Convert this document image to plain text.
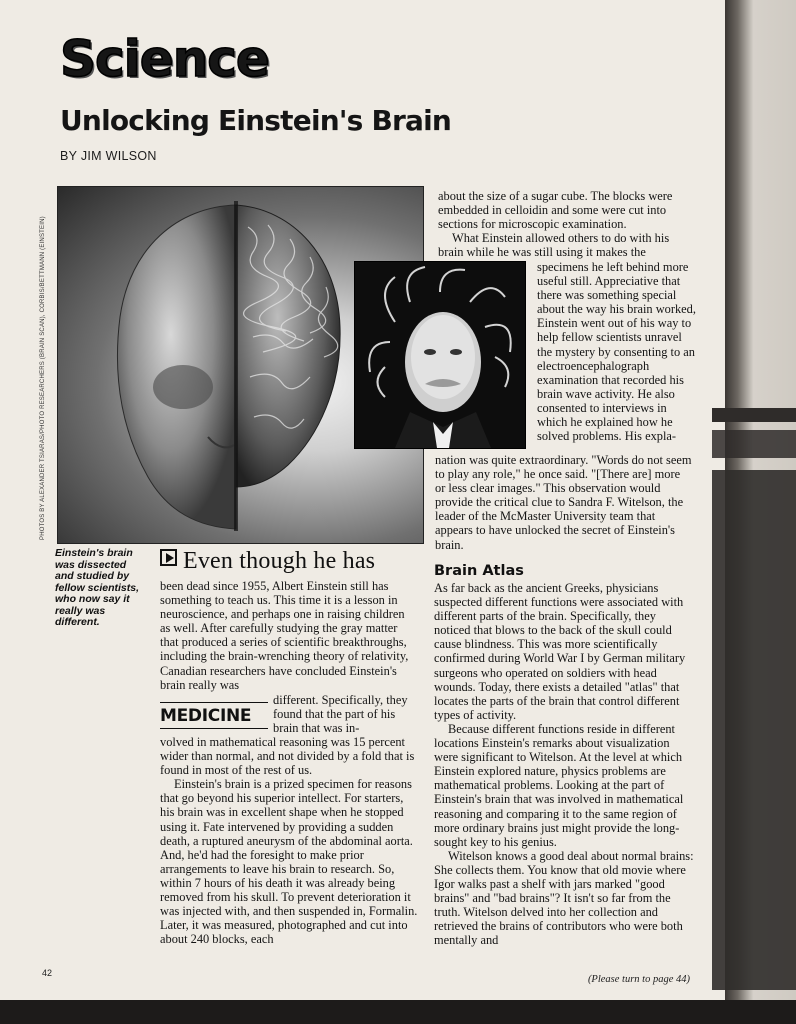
Science
Unlocking Einstein's Brain
BY JIM WILSON
PHOTOS BY ALEXANDER TSIARAS/PHOTO RESEARCHERS (BRAIN SCAN), CORBIS/BETTMANN (EINSTEIN)
Einstein's brain was dissected and studied by fellow scientists, who now say it really was different.
Even though he has
been dead since 1955, Albert Einstein still has something to teach us. This time it is a lesson in neuroscience, and perhaps one in raising children as well. After carefully studying the gray matter that produced a series of scientific breakthroughs, including the brain-wrenching theory of relativity, Canadian researchers have concluded Einstein's brain really was
MEDICINE
different. Specifically, they found that the part of his brain that was in-

volved in mathematical reasoning was 15 percent wider than normal, and not divided by a fold that is found in most of the rest of us.

Einstein's brain is a prized specimen for reasons that go beyond his superior intellect. For starters, his brain was in excellent shape when he stopped using it. Fate intervened by providing a sudden death, a ruptured aneurysm of the abdominal aorta. And, he'd had the foresight to make prior arrangements to leave his brain to research. So, within 7 hours of his death it was already being removed from his skull. To prevent deterioration it was injected with, and then suspended in, Formalin. Later, it was measured, photographed and cut into about 240 blocks, each

about the size of a sugar cube. The blocks were embedded in celloidin and some were cut into sections for microscopic examination.

What Einstein allowed others to do with his brain while he was still using it makes the

specimens he left behind more useful still. Appreciative that there was something special about the way his brain worked, Einstein went out of his way to help fellow scientists unravel the mystery by consenting to an electroencephalograph examination that recorded his brain wave activity. He also consented to interviews in which he explained how he solved problems. His expla-
nation was quite extraordinary. "Words do not seem to play any role," he once said. "[There are] more or less clear images." This observation would provide the critical clue to Sandra F. Witelson, the leader of the McMaster University team that appears to have unlocked the secret of Einstein's brain.
Brain Atlas

As far back as the ancient Greeks, physicians suspected different functions were associated with different parts of the brain. Specifically, they noticed that blows to the back of the skull could cause blindness. This was more scientifically confirmed during World War I by German military surgeons who operated on soldiers with head wounds. Today, there exists a detailed "atlas" that locates the parts of the brain that control different types of activity.

Because different functions reside in different locations Einstein's remarks about visualization were significant to Witelson. At the level at which Einstein explored nature, physics problems are mathematical problems. Looking at the part of Einstein's brain that was involved in mathematical reasoning and comparing it to the same region of more ordinary brains just might provide the long-sought key to his genius.

Witelson knows a good deal about normal brains: She collects them. You know that old movie where Igor walks past a shelf with jars marked "good brains" and "bad brains"? It isn't so far from the truth. Witelson delved into her collection and retrieved the brains of contributors who were both mentally and

42
(Please turn to page 44)
